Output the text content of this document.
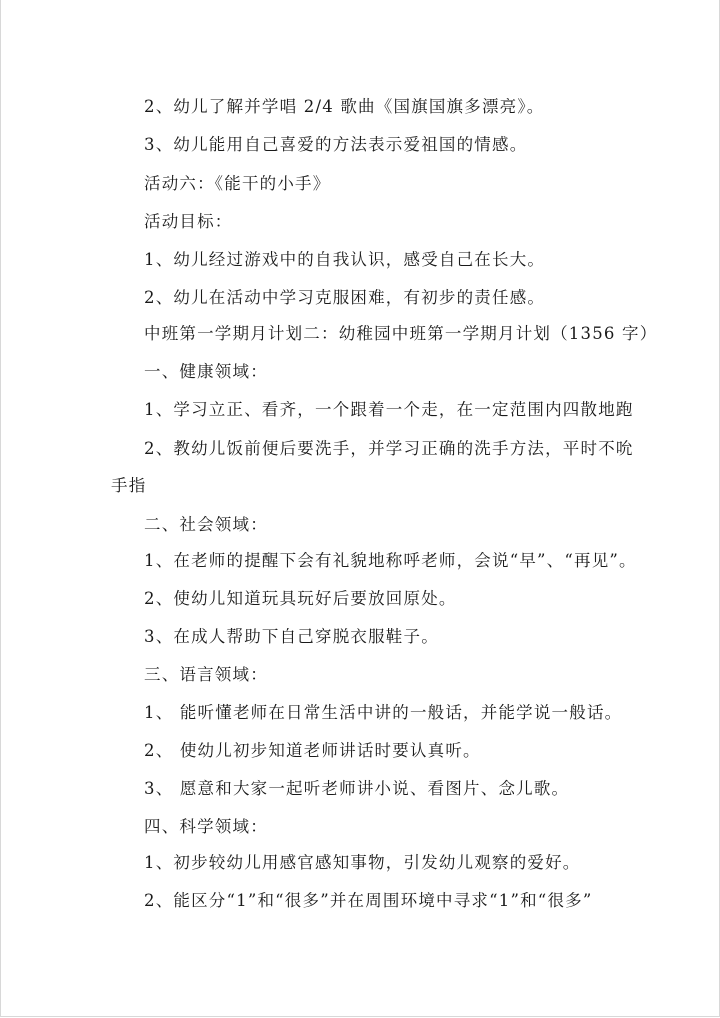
2、幼儿了解并学唱 2/4 歌曲《国旗国旗多漂亮》。
3、幼儿能用自己喜爱的方法表示爱祖国的情感。
活动六：《能干的小手》
活动目标：
1、幼儿经过游戏中的自我认识，感受自己在长大。
2、幼儿在活动中学习克服困难，有初步的责任感。
中班第一学期月计划二：幼稚园中班第一学期月计划（1356 字）
一、健康领域：
1、学习立正、看齐，一个跟着一个走，在一定范围内四散地跑
2、教幼儿饭前便后要洗手，并学习正确的洗手方法，平时不吮
手指
二、社会领域：
1、在老师的提醒下会有礼貌地称呼老师，会说“早”、“再见”。
2、使幼儿知道玩具玩好后要放回原处。
3、在成人帮助下自己穿脱衣服鞋子。
三、语言领域：
1、 能听懂老师在日常生活中讲的一般话，并能学说一般话。
2、 使幼儿初步知道老师讲话时要认真听。
3、 愿意和大家一起听老师讲小说、看图片、念儿歌。
四、科学领域：
1、初步较幼儿用感官感知事物，引发幼儿观察的爱好。
2、能区分“1”和“很多”并在周围环境中寻求“1”和“很多”
